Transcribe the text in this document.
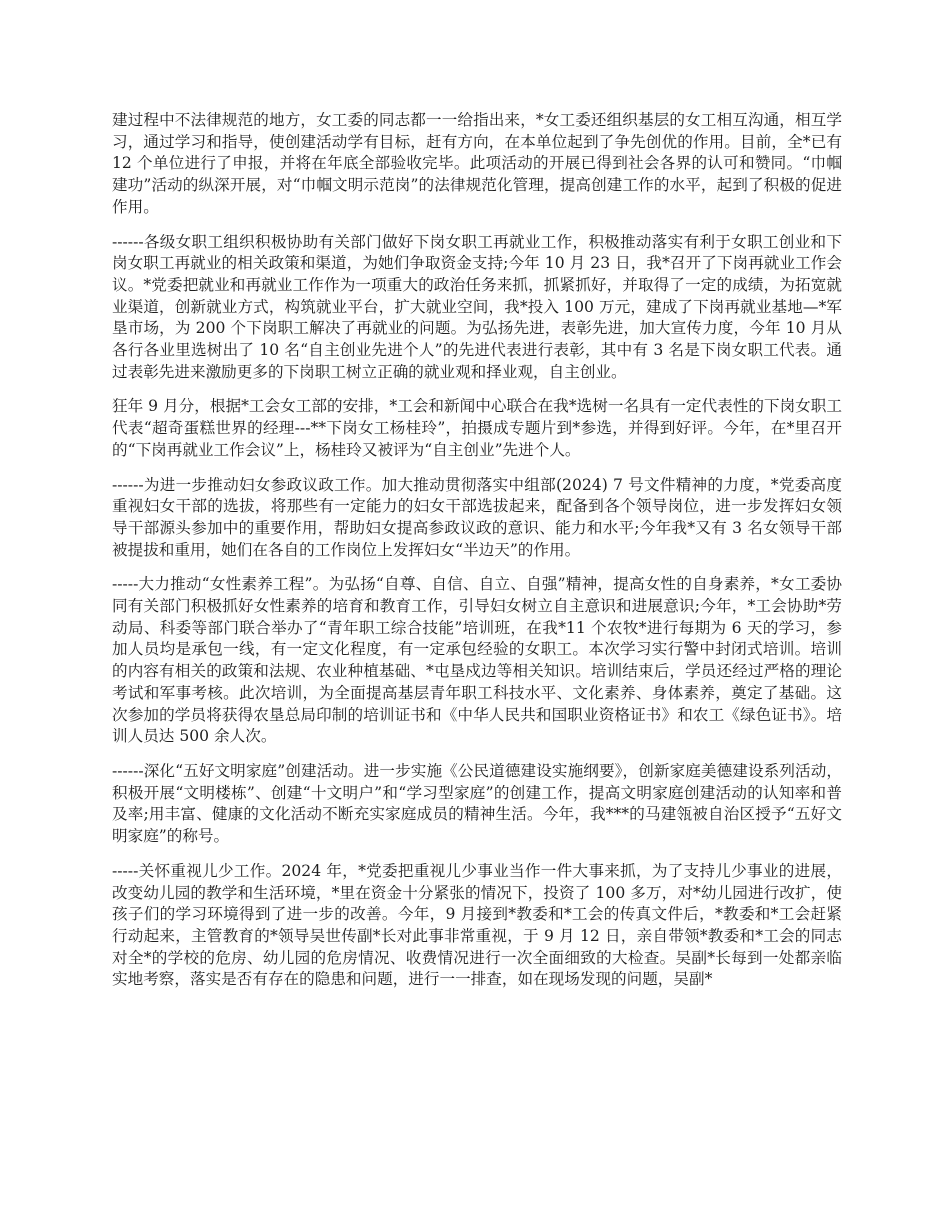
建过程中不法律规范的地方，女工委的同志都一一给指出来，*女工委还组织基层的女工相互沟通，相互学习，通过学习和指导，使创建活动学有目标，赶有方向，在本单位起到了争先创优的作用。目前，全*已有 12 个单位进行了申报，并将在年底全部验收完毕。此项活动的开展已得到社会各界的认可和赞同。“巾帼建功”活动的纵深开展，对“巾帼文明示范岗”的法律规范化管理，提高创建工作的水平，起到了积极的促进作用。

------各级女职工组织积极协助有关部门做好下岗女职工再就业工作，积极推动落实有利于女职工创业和下岗女职工再就业的相关政策和渠道，为她们争取资金支持;今年 10 月 23 日，我*召开了下岗再就业工作会议。*党委把就业和再就业工作作为一项重大的政治任务来抓，抓紧抓好，并取得了一定的成绩，为拓宽就业渠道，创新就业方式，构筑就业平台，扩大就业空间，我*投入 100 万元，建成了下岗再就业基地—*军垦市场，为 200 个下岗职工解决了再就业的问题。为弘扬先进，表彰先进，加大宣传力度，今年 10 月从各行各业里选树出了 10 名“自主创业先进个人”的先进代表进行表彰，其中有 3 名是下岗女职工代表。通过表彰先进来激励更多的下岗职工树立正确的就业观和择业观，自主创业。

狂年 9 月分，根据*工会女工部的安排，*工会和新闻中心联合在我*选树一名具有一定代表性的下岗女职工代表“超奇蛋糕世界的经理---**下岗女工杨桂玲”，拍摄成专题片到*参选，并得到好评。今年，在*里召开的“下岗再就业工作会议”上，杨桂玲又被评为“自主创业”先进个人。

------为进一步推动妇女参政议政工作。加大推动贯彻落实中组部(2024) 7 号文件精神的力度，*党委高度重视妇女干部的选拔，将那些有一定能力的妇女干部选拔起来，配备到各个领导岗位，进一步发挥妇女领导干部源头参加中的重要作用，帮助妇女提高参政议政的意识、能力和水平;今年我*又有 3 名女领导干部被提拔和重用，她们在各自的工作岗位上发挥妇女“半边天”的作用。

-----大力推动“女性素养工程”。为弘扬“自尊、自信、自立、自强”精神，提高女性的自身素养，*女工委协同有关部门积极抓好女性素养的培育和教育工作，引导妇女树立自主意识和进展意识;今年，*工会协助*劳动局、科委等部门联合举办了“青年职工综合技能”培训班，在我*11 个农牧*进行每期为 6 天的学习，参加人员均是承包一线，有一定文化程度，有一定承包经验的女职工。本次学习实行警中封闭式培训。培训的内容有相关的政策和法规、农业种植基础、*屯垦戍边等相关知识。培训结束后，学员还经过严格的理论考试和军事考核。此次培训，为全面提高基层青年职工科技水平、文化素养、身体素养，奠定了基础。这次参加的学员将获得农垦总局印制的培训证书和《中华人民共和国职业资格证书》和农工《绿色证书》。培训人员达 500 余人次。

------深化“五好文明家庭”创建活动。进一步实施《公民道德建设实施纲要》，创新家庭美德建设系列活动，积极开展“文明楼栋”、创建“十文明户”和“学习型家庭”的创建工作，提高文明家庭创建活动的认知率和普及率;用丰富、健康的文化活动不断充实家庭成员的精神生活。今年，我***的马建瓴被自治区授予“五好文明家庭”的称号。

-----关怀重视儿少工作。2024 年，*党委把重视儿少事业当作一件大事来抓，为了支持儿少事业的进展，改变幼儿园的教学和生活环境，*里在资金十分紧张的情况下，投资了 100 多万，对*幼儿园进行改扩，使孩子们的学习环境得到了进一步的改善。今年，9 月接到*教委和*工会的传真文件后，*教委和*工会赶紧行动起来，主管教育的*领导吴世传副*长对此事非常重视，于 9 月 12 日，亲自带领*教委和*工会的同志对全*的学校的危房、幼儿园的危房情况、收费情况进行一次全面细致的大检查。吴副*长每到一处都亲临实地考察，落实是否有存在的隐患和问题，进行一一排查，如在现场发现的问题，吴副*
